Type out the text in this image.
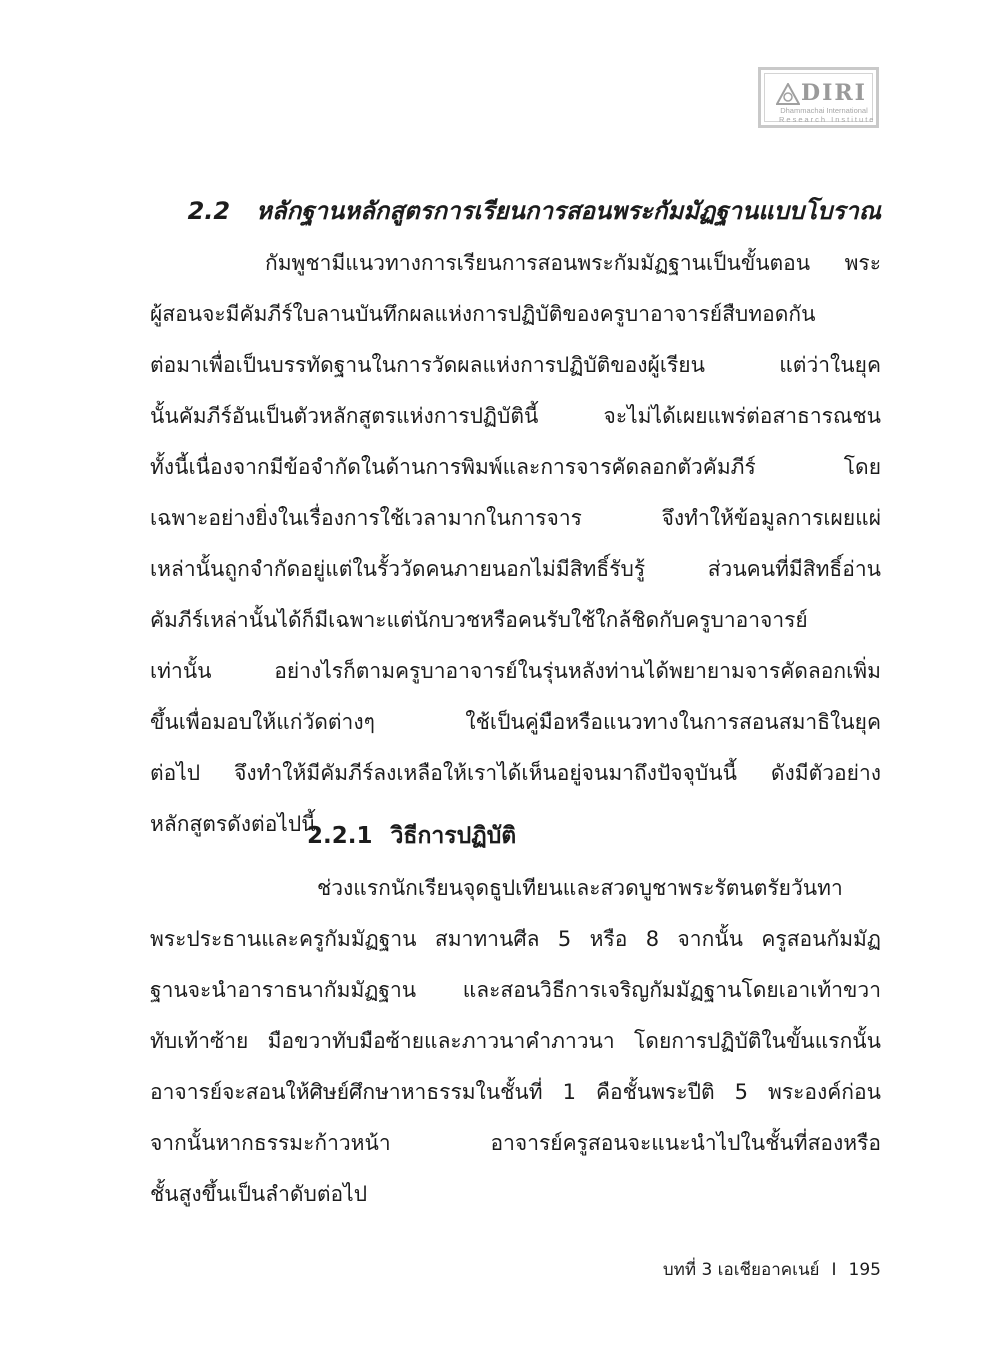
DIRI
Dhammachai International
Research Institute
2.2 หลักฐานหลักสูตรการเรียนการสอนพระกัมมัฏฐานแบบโบราณ
กัมพูชามีแนวทางการเรียนการสอนพระกัมมัฏฐานเป็นขั้นตอน พระ
ผู้สอนจะมีคัมภีร์ใบลานบันทึกผลแห่งการปฏิบัติของครูบาอาจารย์สืบทอดกัน
ต่อมาเพื่อเป็นบรรทัดฐานในการวัดผลแห่งการปฏิบัติของผู้เรียน แต่ว่าในยุค
นั้นคัมภีร์อันเป็นตัวหลักสูตรแห่งการปฏิบัตินี้ จะไม่ได้เผยแพร่ต่อสาธารณชน
ทั้งนี้เนื่องจากมีข้อจำกัดในด้านการพิมพ์และการจารคัดลอกตัวคัมภีร์ โดย
เฉพาะอย่างยิ่งในเรื่องการใช้เวลามากในการจาร จึงทำให้ข้อมูลการเผยแผ่
เหล่านั้นถูกจำกัดอยู่แต่ในรั้ววัดคนภายนอกไม่มีสิทธิ์รับรู้ ส่วนคนที่มีสิทธิ์อ่าน
คัมภีร์เหล่านั้นได้ก็มีเฉพาะแต่นักบวชหรือคนรับใช้ใกล้ชิดกับครูบาอาจารย์
เท่านั้น อย่างไรก็ตามครูบาอาจารย์ในรุ่นหลังท่านได้พยายามจารคัดลอกเพิ่ม
ขึ้นเพื่อมอบให้แก่วัดต่างๆ ใช้เป็นคู่มือหรือแนวทางในการสอนสมาธิในยุค
ต่อไป จึงทำให้มีคัมภีร์ลงเหลือให้เราได้เห็นอยู่จนมาถึงปัจจุบันนี้ ดังมีตัวอย่าง
หลักสูตรดังต่อไปนี้
2.2.1 วิธีการปฏิบัติ
ช่วงแรกนักเรียนจุดธูปเทียนและสวดบูชาพระรัตนตรัยวันทา
พระประธานและครูกัมมัฏฐาน สมาทานศีล 5 หรือ 8 จากนั้น ครูสอนกัมมัฏ
ฐานจะนำอาราธนากัมมัฏฐาน และสอนวิธีการเจริญกัมมัฏฐานโดยเอาเท้าขวา
ทับเท้าซ้าย มือขวาทับมือซ้ายและภาวนาคำภาวนา โดยการปฏิบัติในขั้นแรกนั้น
อาจารย์จะสอนให้ศิษย์ศึกษาหาธรรมในชั้นที่ 1 คือชั้นพระปีติ 5 พระองค์ก่อน
จากนั้นหากธรรมะก้าวหน้า อาจารย์ครูสอนจะแนะนำไปในชั้นที่สองหรือ
ชั้นสูงขึ้นเป็นลำดับต่อไป
บทที่ 3 เอเชียอาคเนย์ I 195
